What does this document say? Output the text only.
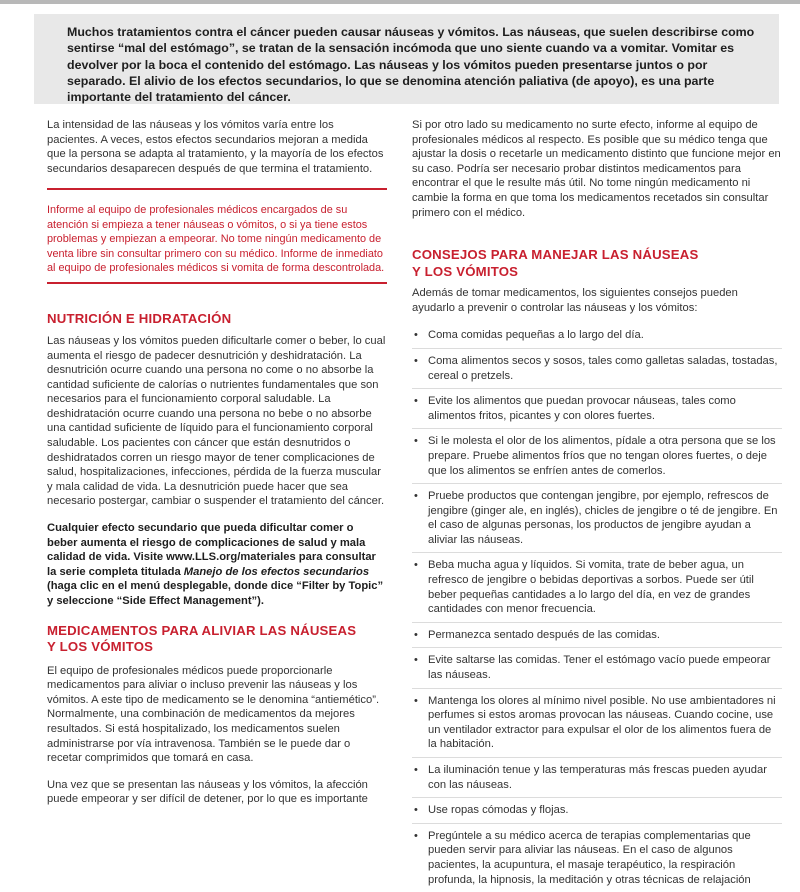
Muchos tratamientos contra el cáncer pueden causar náuseas y vómitos. Las náuseas, que suelen describirse como sentirse “mal del estómago”, se tratan de la sensación incómoda que uno siente cuando va a vomitar. Vomitar es devolver por la boca el contenido del estómago. Las náuseas y los vómitos pueden presentarse juntos o por separado. El alivio de los efectos secundarios, lo que se denomina atención paliativa (de apoyo), es una parte importante del tratamiento del cáncer.

La intensidad de las náuseas y los vómitos varía entre los pacientes. A veces, estos efectos secundarios mejoran a medida que la persona se adapta al tratamiento, y la mayoría de los efectos secundarios desaparecen después de que termina el tratamiento.

Informe al equipo de profesionales médicos encargados de su atención si empieza a tener náuseas o vómitos, o si ya tiene estos problemas y empiezan a empeorar. No tome ningún medicamento de venta libre sin consultar primero con su médico. Informe de inmediato al equipo de profesionales médicos si vomita de forma descontrolada.

NUTRICIÓN E HIDRATACIÓN

Las náuseas y los vómitos pueden dificultarle comer o beber, lo cual aumenta el riesgo de padecer desnutrición y deshidratación. La desnutrición ocurre cuando una persona no come o no absorbe la cantidad suficiente de calorías o nutrientes fundamentales que son necesarios para el funcionamiento corporal saludable. La deshidratación ocurre cuando una persona no bebe o no absorbe una cantidad suficiente de líquido para el funcionamiento corporal saludable. Los pacientes con cáncer que están desnutridos o deshidratados corren un riesgo mayor de tener complicaciones de salud, hospitalizaciones, infecciones, pérdida de la fuerza muscular y mala calidad de vida. La desnutrición puede hacer que sea necesario postergar, cambiar o suspender el tratamiento del cáncer.

Cualquier efecto secundario que pueda dificultar comer o beber aumenta el riesgo de complicaciones de salud y mala calidad de vida. Visite www.LLS.org/materiales para consultar la serie completa titulada Manejo de los efectos secundarios (haga clic en el menú desplegable, donde dice “Filter by Topic” y seleccione “Side Effect Management”).

MEDICAMENTOS PARA ALIVIAR LAS NÁUSEAS
Y LOS VÓMITOS

El equipo de profesionales médicos puede proporcionarle medicamentos para aliviar o incluso prevenir las náuseas y los vómitos. A este tipo de medicamento se le denomina “antiemético”. Normalmente, una combinación de medicamentos da mejores resultados. Si está hospitalizado, los medicamentos suelen administrarse por vía intravenosa. También se le puede dar o recetar comprimidos que tomará en casa.

Una vez que se presentan las náuseas y los vómitos, la afección puede empeorar y ser difícil de detener, por lo que es importante

Si por otro lado su medicamento no surte efecto, informe al equipo de profesionales médicos al respecto. Es posible que su médico tenga que ajustar la dosis o recetarle un medicamento distinto que funcione mejor en su caso. Podría ser necesario probar distintos medicamentos para encontrar el que le resulte más útil. No tome ningún medicamento ni cambie la forma en que toma los medicamentos recetados sin consultar primero con el médico.

CONSEJOS PARA MANEJAR LAS NÁUSEAS
Y LOS VÓMITOS

Además de tomar medicamentos, los siguientes consejos pueden ayudarlo a prevenir o controlar las náuseas y los vómitos:

• Coma comidas pequeñas a lo largo del día.
• Coma alimentos secos y sosos, tales como galletas saladas, tostadas, cereal o pretzels.
• Evite los alimentos que puedan provocar náuseas, tales como alimentos fritos, picantes y con olores fuertes.
• Si le molesta el olor de los alimentos, pídale a otra persona que se los prepare. Pruebe alimentos fríos que no tengan olores fuertes, o deje que los alimentos se enfríen antes de comerlos.
• Pruebe productos que contengan jengibre, por ejemplo, refrescos de jengibre (ginger ale, en inglés), chicles de jengibre o té de jengibre. En el caso de algunas personas, los productos de jengibre ayudan a aliviar las náuseas.
• Beba mucha agua y líquidos. Si vomita, trate de beber agua, un refresco de jengibre o bebidas deportivas a sorbos. Puede ser útil beber pequeñas cantidades a lo largo del día, en vez de grandes cantidades con menor frecuencia.
• Permanezca sentado después de las comidas.
• Evite saltarse las comidas. Tener el estómago vacío puede empeorar las náuseas.
• Mantenga los olores al mínimo nivel posible. No use ambientadores ni perfumes si estos aromas provocan las náuseas. Cuando cocine, use un ventilador extractor para expulsar el olor de los alimentos fuera de la habitación.
• La iluminación tenue y las temperaturas más frescas pueden ayudar con las náuseas.
• Use ropas cómodas y flojas.
• Pregúntele a su médico acerca de terapias complementarias que pueden servir para aliviar las náuseas. En el caso de algunos pacientes, la acupuntura, el masaje terapéutico, la respiración profunda, la hipnosis, la meditación y otras técnicas de relajación
